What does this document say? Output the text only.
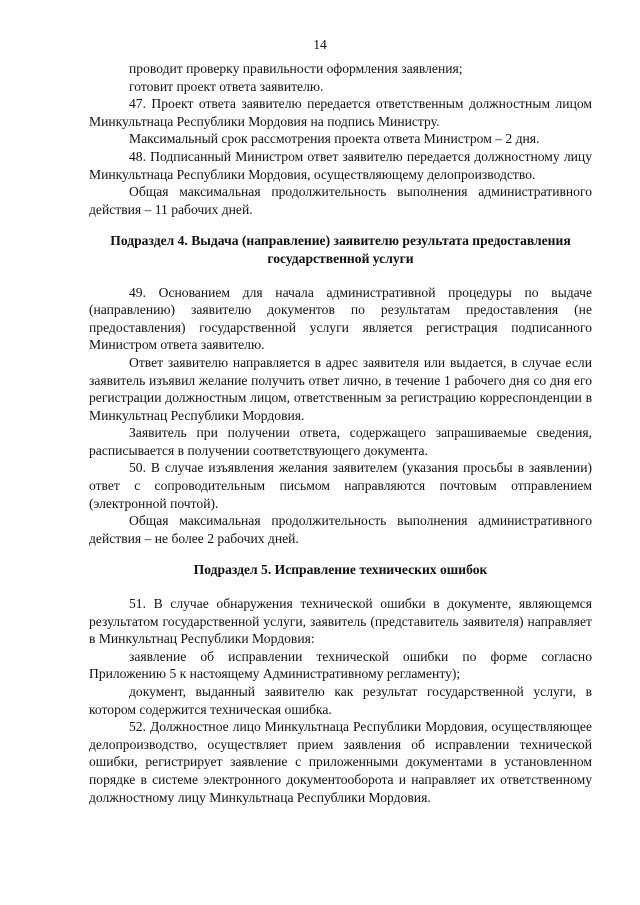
14

проводит проверку правильности оформления заявления;

готовит проект ответа заявителю.

47. Проект ответа заявителю передается ответственным должностным лицом Минкультнаца Республики Мордовия на подпись Министру.

Максимальный срок рассмотрения проекта ответа Министром – 2 дня.

48. Подписанный Министром ответ заявителю передается должностному лицу Минкультнаца Республики Мордовия, осуществляющему делопроизводство.

Общая максимальная продолжительность выполнения административного действия – 11 рабочих дней.

Подраздел 4. Выдача (направление) заявителю результата предоставления государственной услуги

49. Основанием для начала административной процедуры по выдаче (направлению) заявителю документов по результатам предоставления (не предоставления) государственной услуги является регистрация подписанного Министром ответа заявителю.

Ответ заявителю направляется в адрес заявителя или выдается, в случае если заявитель изъявил желание получить ответ лично, в течение 1 рабочего дня со дня его регистрации должностным лицом, ответственным за регистрацию корреспонденции в Минкультнац Республики Мордовия.

Заявитель при получении ответа, содержащего запрашиваемые сведения, расписывается в получении соответствующего документа.

50. В случае изъявления желания заявителем (указания просьбы в заявлении) ответ с сопроводительным письмом направляются почтовым отправлением (электронной почтой).

Общая максимальная продолжительность выполнения административного действия – не более 2 рабочих дней.

Подраздел 5. Исправление технических ошибок

51. В случае обнаружения технической ошибки в документе, являющемся результатом государственной услуги, заявитель (представитель заявителя) направляет в Минкультнац Республики Мордовия:

заявление об исправлении технической ошибки по форме согласно Приложению 5 к настоящему Административному регламенту);

документ, выданный заявителю как результат государственной услуги, в котором содержится техническая ошибка.

52. Должностное лицо Минкультнаца Республики Мордовия, осуществляющее делопроизводство, осуществляет прием заявления об исправлении технической ошибки, регистрирует заявление с приложенными документами в установленном порядке в системе электронного документооборота и направляет их ответственному должностному лицу Минкультнаца Республики Мордовия.
